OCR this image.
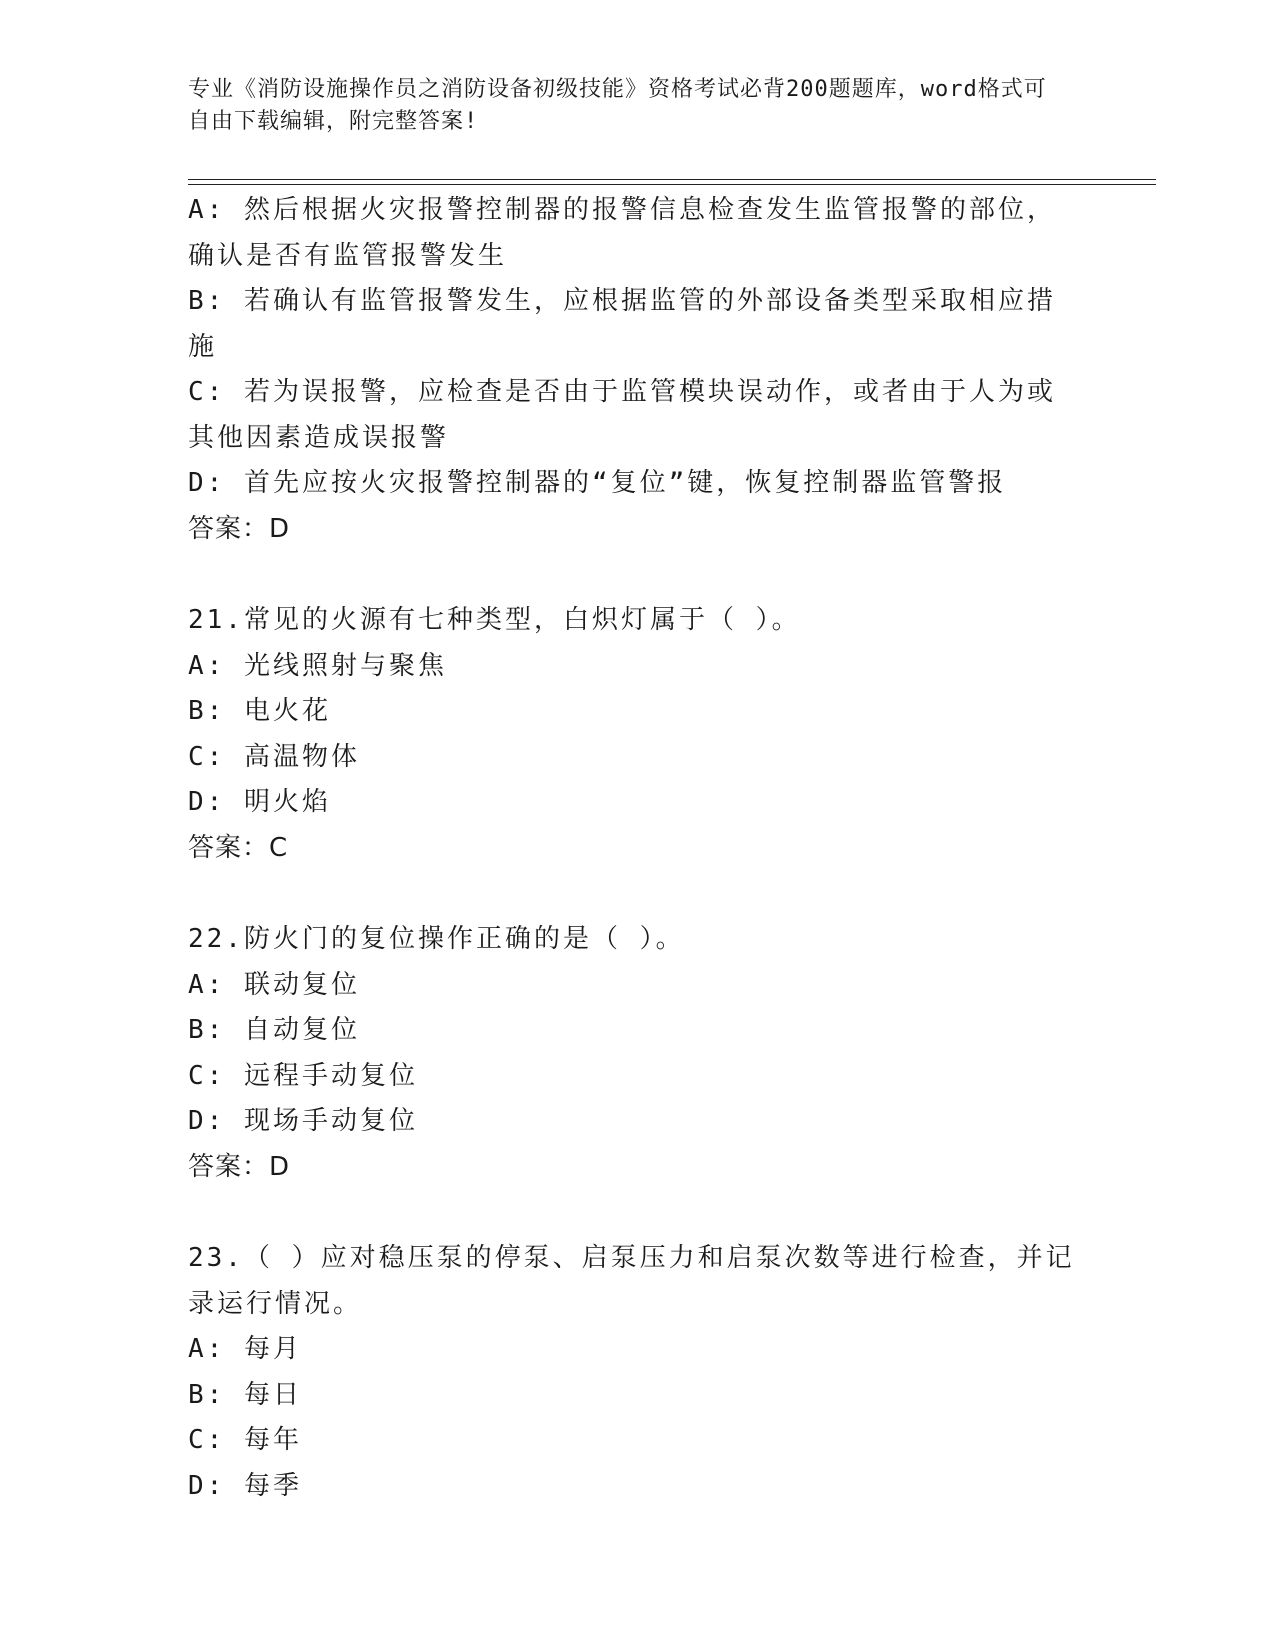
专业《消防设施操作员之消防设备初级技能》资格考试必背200题题库，word格式可自由下载编辑，附完整答案!
A: 然后根据火灾报警控制器的报警信息检查发生监管报警的部位，确认是否有监管报警发生
B: 若确认有监管报警发生，应根据监管的外部设备类型采取相应措施
C: 若为误报警，应检查是否由于监管模块误动作，或者由于人为或其他因素造成误报警
D: 首先应按火灾报警控制器的“复位”键，恢复控制器监管警报
答案：D
21.常见的火源有七种类型，白炽灯属于（ ）。
A: 光线照射与聚焦
B: 电火花
C: 高温物体
D: 明火焰
答案：C
22.防火门的复位操作正确的是（ ）。
A: 联动复位
B: 自动复位
C: 远程手动复位
D: 现场手动复位
答案：D
23.（ ）应对稳压泵的停泵、启泵压力和启泵次数等进行检查，并记录运行情况。
A: 每月
B: 每日
C: 每年
D: 每季
